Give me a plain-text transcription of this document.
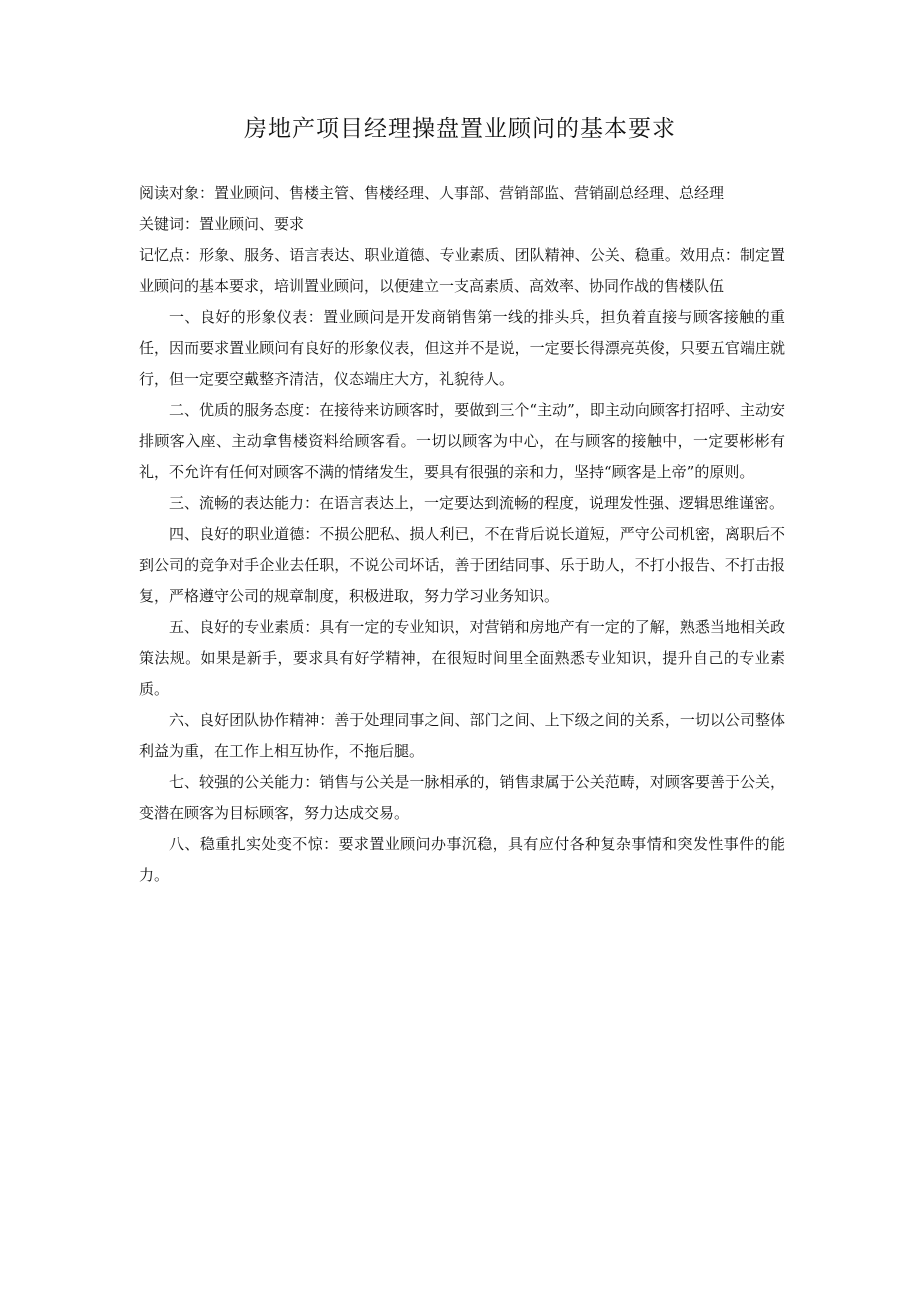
房地产项目经理操盘置业顾问的基本要求

阅读对象：置业顾问、售楼主管、售楼经理、人事部、营销部监、营销副总经理、总经理

关键词：置业顾问、要求

记忆点：形象、服务、语言表达、职业道德、专业素质、团队精神、公关、稳重。效用点：制定置业顾问的基本要求，培训置业顾问，以便建立一支高素质、高效率、协同作战的售楼队伍

一、良好的形象仪表：置业顾问是开发商销售第一线的排头兵，担负着直接与顾客接触的重任，因而要求置业顾问有良好的形象仪表，但这并不是说，一定要长得漂亮英俊，只要五官端庄就行，但一定要空戴整齐清洁，仪态端庄大方，礼貌待人。

二、优质的服务态度：在接待来访顾客时，要做到三个“主动”，即主动向顾客打招呼、主动安排顾客入座、主动拿售楼资料给顾客看。一切以顾客为中心，在与顾客的接触中，一定要彬彬有礼，不允许有任何对顾客不满的情绪发生，要具有很强的亲和力，坚持“顾客是上帝”的原则。

三、流畅的表达能力：在语言表达上，一定要达到流畅的程度，说理发性强、逻辑思维谨密。

四、良好的职业道德：不损公肥私、损人利已，不在背后说长道短，严守公司机密，离职后不到公司的竞争对手企业去任职，不说公司坏话，善于团结同事、乐于助人，不打小报告、不打击报复，严格遵守公司的规章制度，积极进取，努力学习业务知识。

五、良好的专业素质：具有一定的专业知识，对营销和房地产有一定的了解，熟悉当地相关政策法规。如果是新手，要求具有好学精神，在很短时间里全面熟悉专业知识，提升自己的专业素质。

六、良好团队协作精神：善于处理同事之间、部门之间、上下级之间的关系，一切以公司整体利益为重，在工作上相互协作，不拖后腿。

七、较强的公关能力：销售与公关是一脉相承的，销售隶属于公关范畴，对顾客要善于公关，变潜在顾客为目标顾客，努力达成交易。

八、稳重扎实处变不惊：要求置业顾问办事沉稳，具有应付各种复杂事情和突发性事件的能力。
